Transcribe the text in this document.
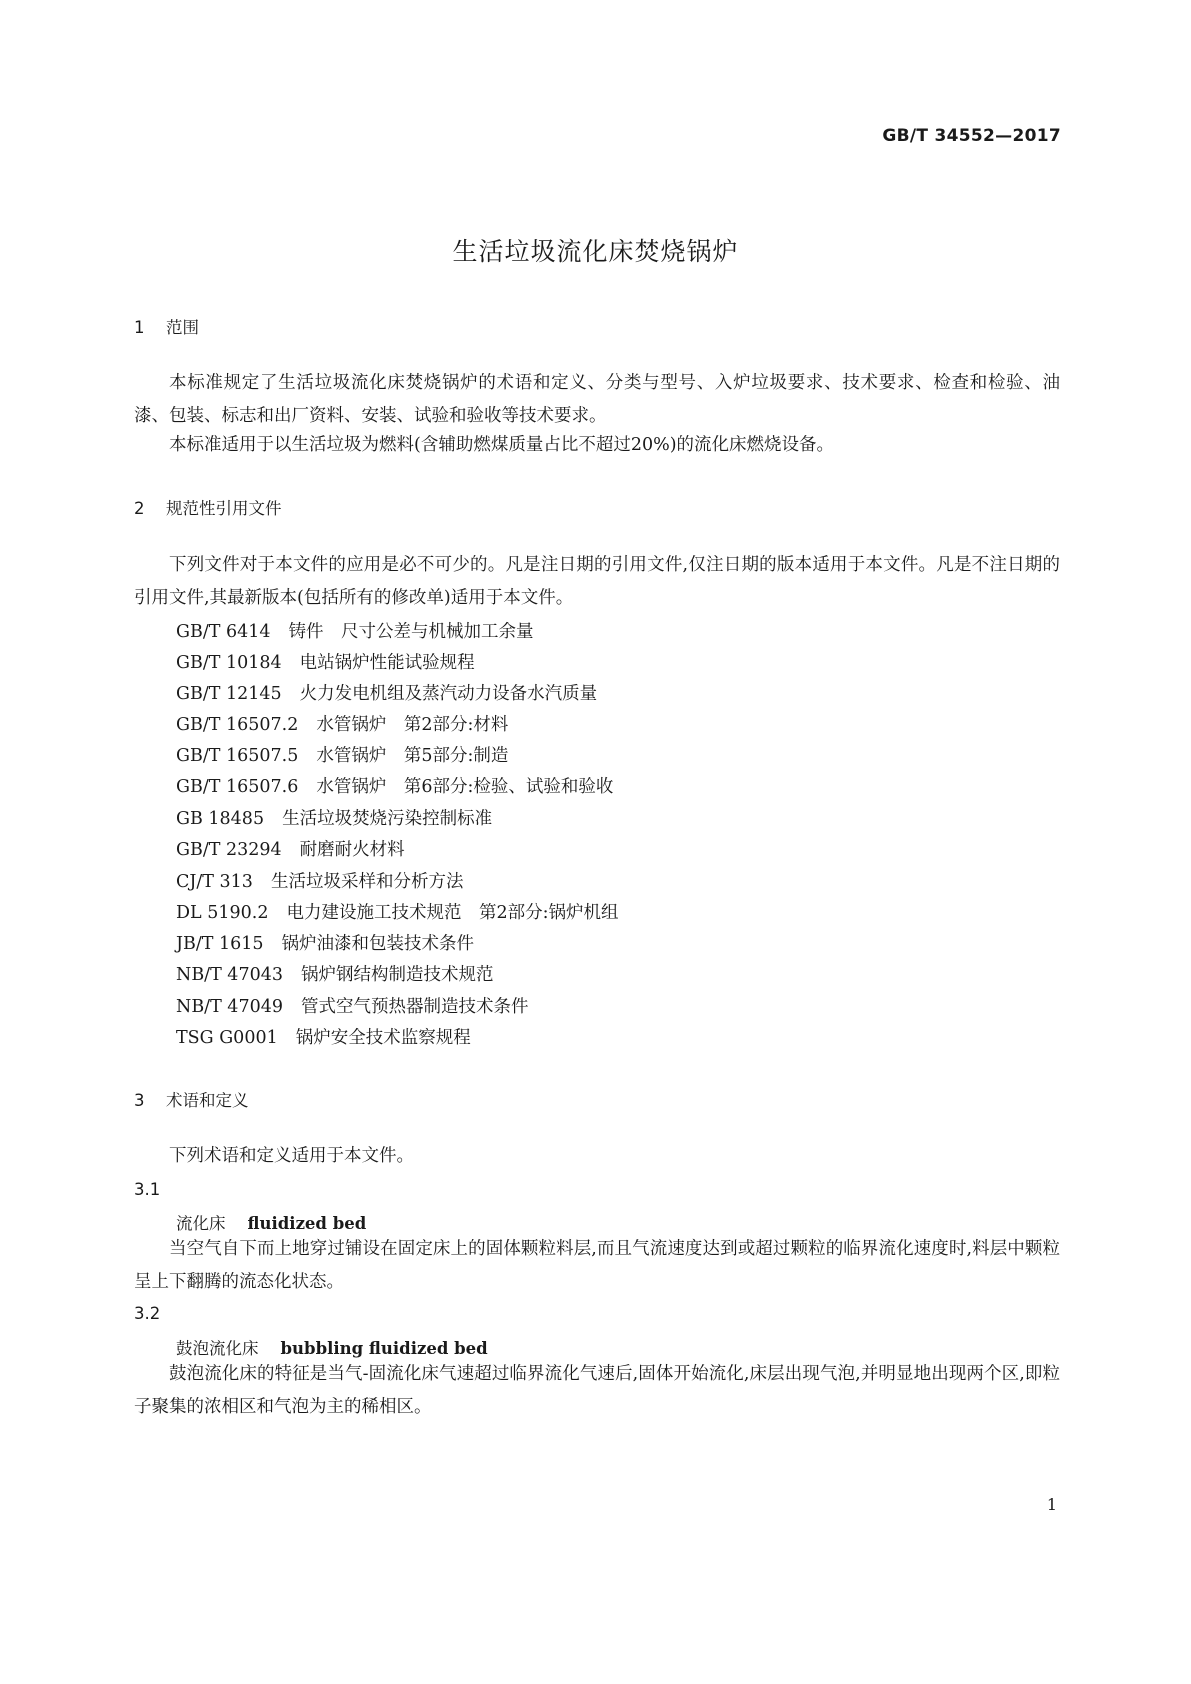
GB/T 34552—2017
生活垃圾流化床焚烧锅炉
1 范围

本标准规定了生活垃圾流化床焚烧锅炉的术语和定义、分类与型号、入炉垃圾要求、技术要求、检查和检验、油漆、包装、标志和出厂资料、安装、试验和验收等技术要求。

本标准适用于以生活垃圾为燃料(含辅助燃煤质量占比不超过20%)的流化床燃烧设备。

2 规范性引用文件

下列文件对于本文件的应用是必不可少的。凡是注日期的引用文件,仅注日期的版本适用于本文件。凡是不注日期的引用文件,其最新版本(包括所有的修改单)适用于本文件。

GB/T 6414 铸件　尺寸公差与机械加工余量
GB/T 10184 电站锅炉性能试验规程
GB/T 12145 火力发电机组及蒸汽动力设备水汽质量
GB/T 16507.2 水管锅炉　第2部分:材料
GB/T 16507.5 水管锅炉　第5部分:制造
GB/T 16507.6 水管锅炉　第6部分:检验、试验和验收
GB 18485 生活垃圾焚烧污染控制标准
GB/T 23294 耐磨耐火材料
CJ/T 313 生活垃圾采样和分析方法
DL 5190.2 电力建设施工技术规范　第2部分:锅炉机组
JB/T 1615 锅炉油漆和包装技术条件
NB/T 47043 锅炉钢结构制造技术规范
NB/T 47049 管式空气预热器制造技术条件
TSG G0001 锅炉安全技术监察规程
3 术语和定义

下列术语和定义适用于本文件。

3.1
流化床 fluidized bed

当空气自下而上地穿过铺设在固定床上的固体颗粒料层,而且气流速度达到或超过颗粒的临界流化速度时,料层中颗粒呈上下翻腾的流态化状态。

3.2
鼓泡流化床 bubbling fluidized bed

鼓泡流化床的特征是当气-固流化床气速超过临界流化气速后,固体开始流化,床层出现气泡,并明显地出现两个区,即粒子聚集的浓相区和气泡为主的稀相区。

1
